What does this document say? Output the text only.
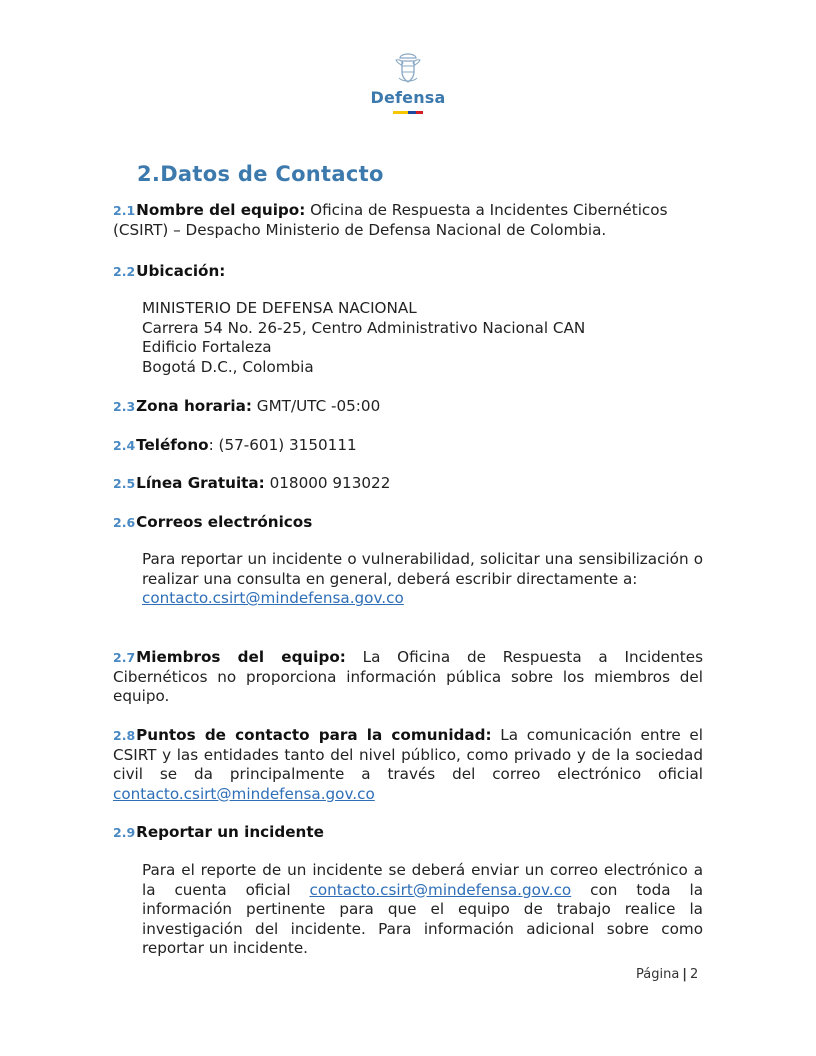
Defensa
2.Datos de Contacto
2.1Nombre del equipo: Oficina de Respuesta a Incidentes Cibernéticos (CSIRT) – Despacho Ministerio de Defensa Nacional de Colombia.
2.2Ubicación:
MINISTERIO DE DEFENSA NACIONAL
Carrera 54 No. 26-25, Centro Administrativo Nacional CAN
Edificio Fortaleza
Bogotá D.C., Colombia
2.3Zona horaria: GMT/UTC -05:00
2.4Teléfono: (57-601) 3150111
2.5Línea Gratuita: 018000 913022
2.6Correos electrónicos
Para reportar un incidente o vulnerabilidad, solicitar una sensibilización o realizar una consulta en general, deberá escribir directamente a:
contacto.csirt@mindefensa.gov.co
2.7Miembros del equipo: La Oficina de Respuesta a Incidentes Cibernéticos no proporciona información pública sobre los miembros del equipo.
2.8Puntos de contacto para la comunidad: La comunicación entre el CSIRT y las entidades tanto del nivel público, como privado y de la sociedad civil se da principalmente a través del correo electrónico oficial contacto.csirt@mindefensa.gov.co
2.9Reportar un incidente
Para el reporte de un incidente se deberá enviar un correo electrónico a la cuenta oficial contacto.csirt@mindefensa.gov.co con toda la información pertinente para que el equipo de trabajo realice la investigación del incidente. Para información adicional sobre como reportar un incidente.
Página | 2
